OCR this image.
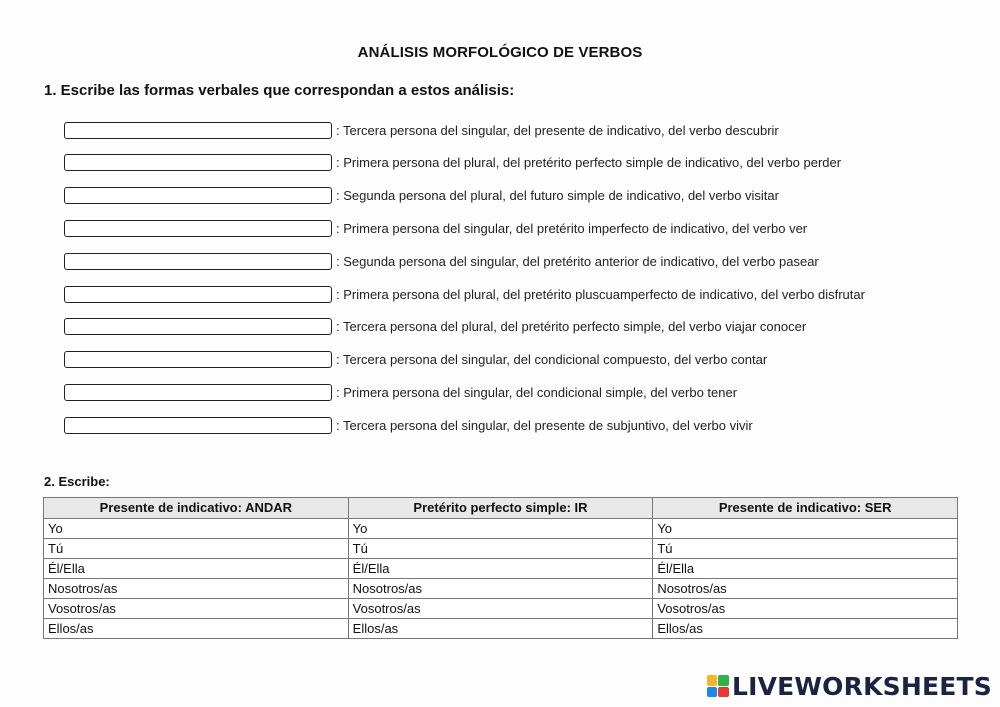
ANÁLISIS MORFOLÓGICO DE VERBOS
1. Escribe las formas verbales que correspondan a estos análisis:
: Tercera persona del singular, del presente de indicativo, del verbo descubrir
: Primera persona del plural, del pretérito perfecto simple de indicativo, del verbo perder
: Segunda persona del plural, del futuro simple de indicativo, del verbo visitar
: Primera persona del singular, del pretérito imperfecto de indicativo, del verbo ver
: Segunda persona del singular, del pretérito anterior de indicativo, del verbo pasear
: Primera persona del plural, del pretérito pluscuamperfecto de indicativo, del verbo disfrutar
: Tercera persona del plural, del pretérito perfecto simple, del verbo viajar conocer
: Tercera persona del singular, del condicional compuesto, del verbo contar
: Primera persona del singular, del condicional simple, del verbo tener
: Tercera persona del singular, del presente de subjuntivo, del verbo vivir
2. Escribe:
Presente de indicativo: ANDAR	Pretérito perfecto simple: IR	Presente de indicativo: SER
Yo	Yo	Yo
Tú	Tú	Tú
Él/Ella	Él/Ella	Él/Ella
Nosotros/as	Nosotros/as	Nosotros/as
Vosotros/as	Vosotros/as	Vosotros/as
Ellos/as	Ellos/as	Ellos/as
LIVEWORKSHEETS
